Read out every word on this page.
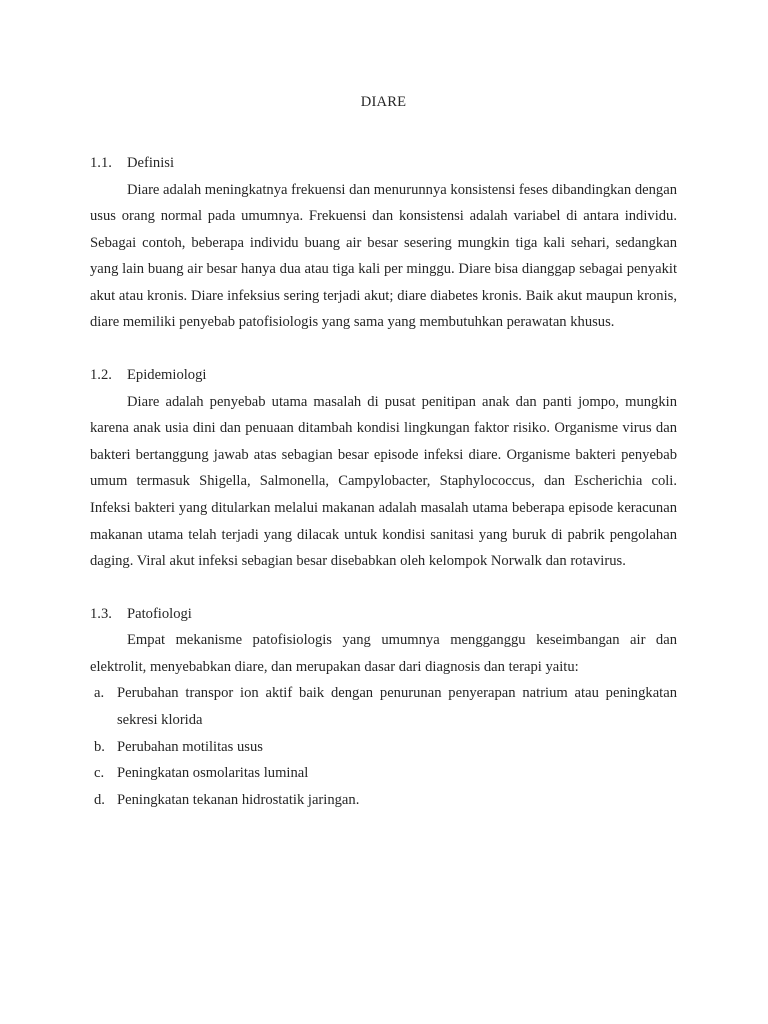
DIARE
1.1.	Definisi

Diare adalah meningkatnya frekuensi dan menurunnya konsistensi feses dibandingkan dengan usus orang normal pada umumnya. Frekuensi dan konsistensi adalah variabel di antara individu. Sebagai contoh, beberapa individu buang air besar sesering mungkin tiga kali sehari, sedangkan yang lain buang air besar hanya dua atau tiga kali per minggu. Diare bisa dianggap sebagai penyakit akut atau kronis. Diare infeksius sering terjadi akut; diare diabetes kronis. Baik akut maupun kronis, diare memiliki penyebab patofisiologis yang sama yang membutuhkan perawatan khusus.

1.2.	Epidemiologi

Diare adalah penyebab utama masalah di pusat penitipan anak dan panti jompo, mungkin karena anak usia dini dan penuaan ditambah kondisi lingkungan faktor risiko. Organisme virus dan bakteri bertanggung jawab atas sebagian besar episode infeksi diare. Organisme bakteri penyebab umum termasuk Shigella, Salmonella, Campylobacter, Staphylococcus, dan Escherichia coli. Infeksi bakteri yang ditularkan melalui makanan adalah masalah utama beberapa episode keracunan makanan utama telah terjadi yang dilacak untuk kondisi sanitasi yang buruk di pabrik pengolahan daging. Viral akut infeksi sebagian besar disebabkan oleh kelompok Norwalk dan rotavirus.

1.3.	Patofiologi

Empat mekanisme patofisiologis yang umumnya mengganggu keseimbangan air dan elektrolit, menyebabkan diare, dan merupakan dasar dari diagnosis dan terapi yaitu:

a. Perubahan transpor ion aktif baik dengan penurunan penyerapan natrium atau peningkatan sekresi klorida
b. Perubahan motilitas usus
c. Peningkatan osmolaritas luminal
d. Peningkatan tekanan hidrostatik jaringan.
